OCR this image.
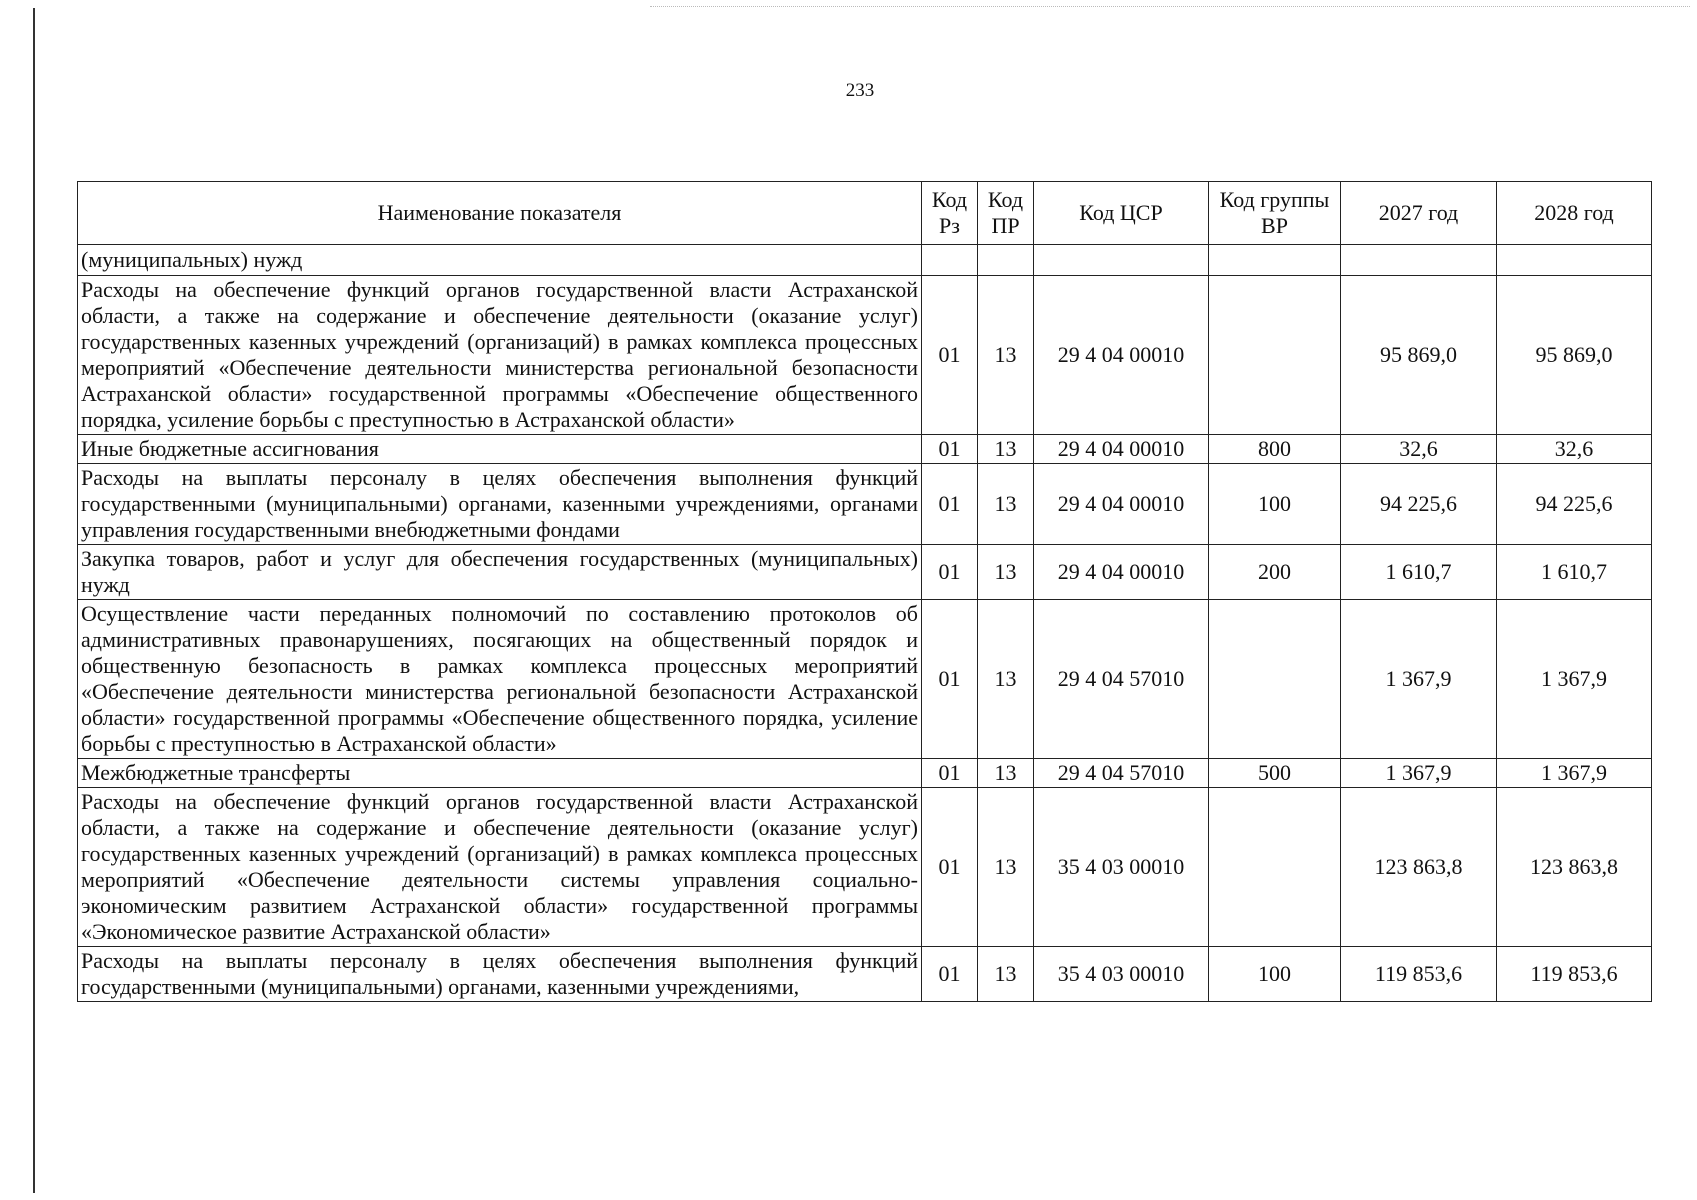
233
Наименование показателя	Код Рз	Код ПР	Код ЦСР	Код группы ВР	2027 год	2028 год
(муниципальных) нужд						
Расходы на обеспечение функций органов государственной власти Астраханской области, а также на содержание и обеспечение деятельности (оказание услуг) государственных казенных учреждений (организаций) в рамках комплекса процессных мероприятий «Обеспечение деятельности министерства региональной безопасности Астраханской области» государственной программы «Обеспечение общественного порядка, усиление борьбы с преступностью в Астраханской области»	01	13	29 4 04 00010		95 869,0	95 869,0
Иные бюджетные ассигнования	01	13	29 4 04 00010	800	32,6	32,6
Расходы на выплаты персоналу в целях обеспечения выполнения функций государственными (муниципальными) органами, казенными учреждениями, органами управления государственными внебюджетными фондами	01	13	29 4 04 00010	100	94 225,6	94 225,6
Закупка товаров, работ и услуг для обеспечения государственных (муниципальных) нужд	01	13	29 4 04 00010	200	1 610,7	1 610,7
Осуществление части переданных полномочий по составлению протоколов об административных правонарушениях, посягающих на общественный порядок и общественную безопасность в рамках комплекса процессных мероприятий «Обеспечение деятельности министерства региональной безопасности Астраханской области» государственной программы «Обеспечение общественного порядка, усиление борьбы с преступностью в Астраханской области»	01	13	29 4 04 57010		1 367,9	1 367,9
Межбюджетные трансферты	01	13	29 4 04 57010	500	1 367,9	1 367,9
Расходы на обеспечение функций органов государственной власти Астраханской области, а также на содержание и обеспечение деятельности (оказание услуг) государственных казенных учреждений (организаций) в рамках комплекса процессных мероприятий «Обеспечение деятельности системы управления социально-экономическим развитием Астраханской области» государственной программы «Экономическое развитие Астраханской области»	01	13	35 4 03 00010		123 863,8	123 863,8
Расходы на выплаты персоналу в целях обеспечения выполнения функций государственными (муниципальными) органами, казенными учреждениями,	01	13	35 4 03 00010	100	119 853,6	119 853,6
